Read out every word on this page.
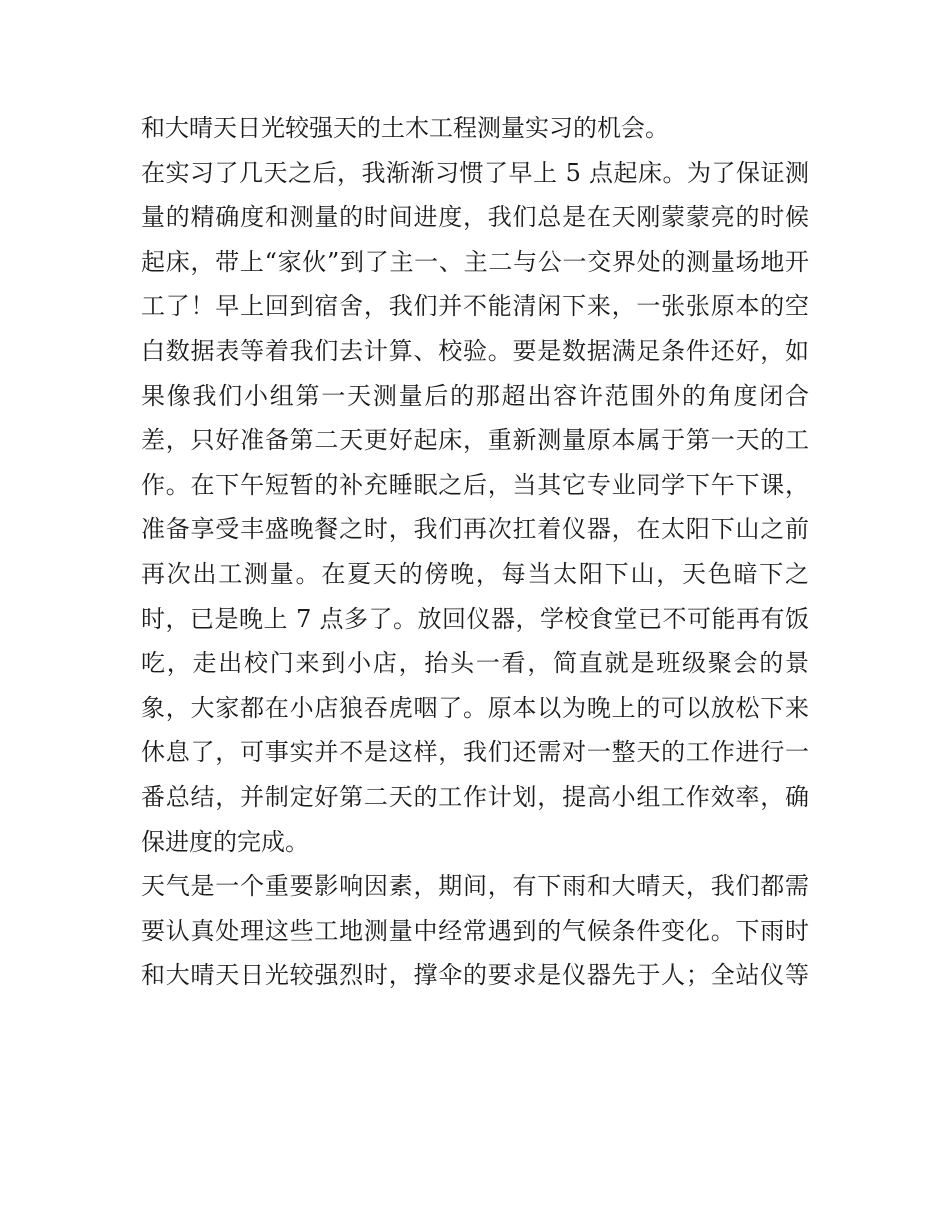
和大晴天日光较强天的土木工程测量实习的机会。
在实习了几天之后，我渐渐习惯了早上 5 点起床。为了保证测
量的精确度和测量的时间进度，我们总是在天刚蒙蒙亮的时候
起床，带上“家伙”到了主一、主二与公一交界处的测量场地开
工了！早上回到宿舍，我们并不能清闲下来，一张张原本的空
白数据表等着我们去计算、校验。要是数据满足条件还好，如
果像我们小组第一天测量后的那超出容许范围外的角度闭合
差，只好准备第二天更好起床，重新测量原本属于第一天的工
作。在下午短暂的补充睡眠之后，当其它专业同学下午下课，
准备享受丰盛晚餐之时，我们再次扛着仪器，在太阳下山之前
再次出工测量。在夏天的傍晚，每当太阳下山，天色暗下之
时，已是晚上 7 点多了。放回仪器，学校食堂已不可能再有饭
吃，走出校门来到小店，抬头一看，简直就是班级聚会的景
象，大家都在小店狼吞虎咽了。原本以为晚上的可以放松下来
休息了，可事实并不是这样，我们还需对一整天的工作进行一
番总结，并制定好第二天的工作计划，提高小组工作效率，确
保进度的完成。
天气是一个重要影响因素，期间，有下雨和大晴天，我们都需
要认真处理这些工地测量中经常遇到的气候条件变化。下雨时
和大晴天日光较强烈时，撑伞的要求是仪器先于人；全站仪等
